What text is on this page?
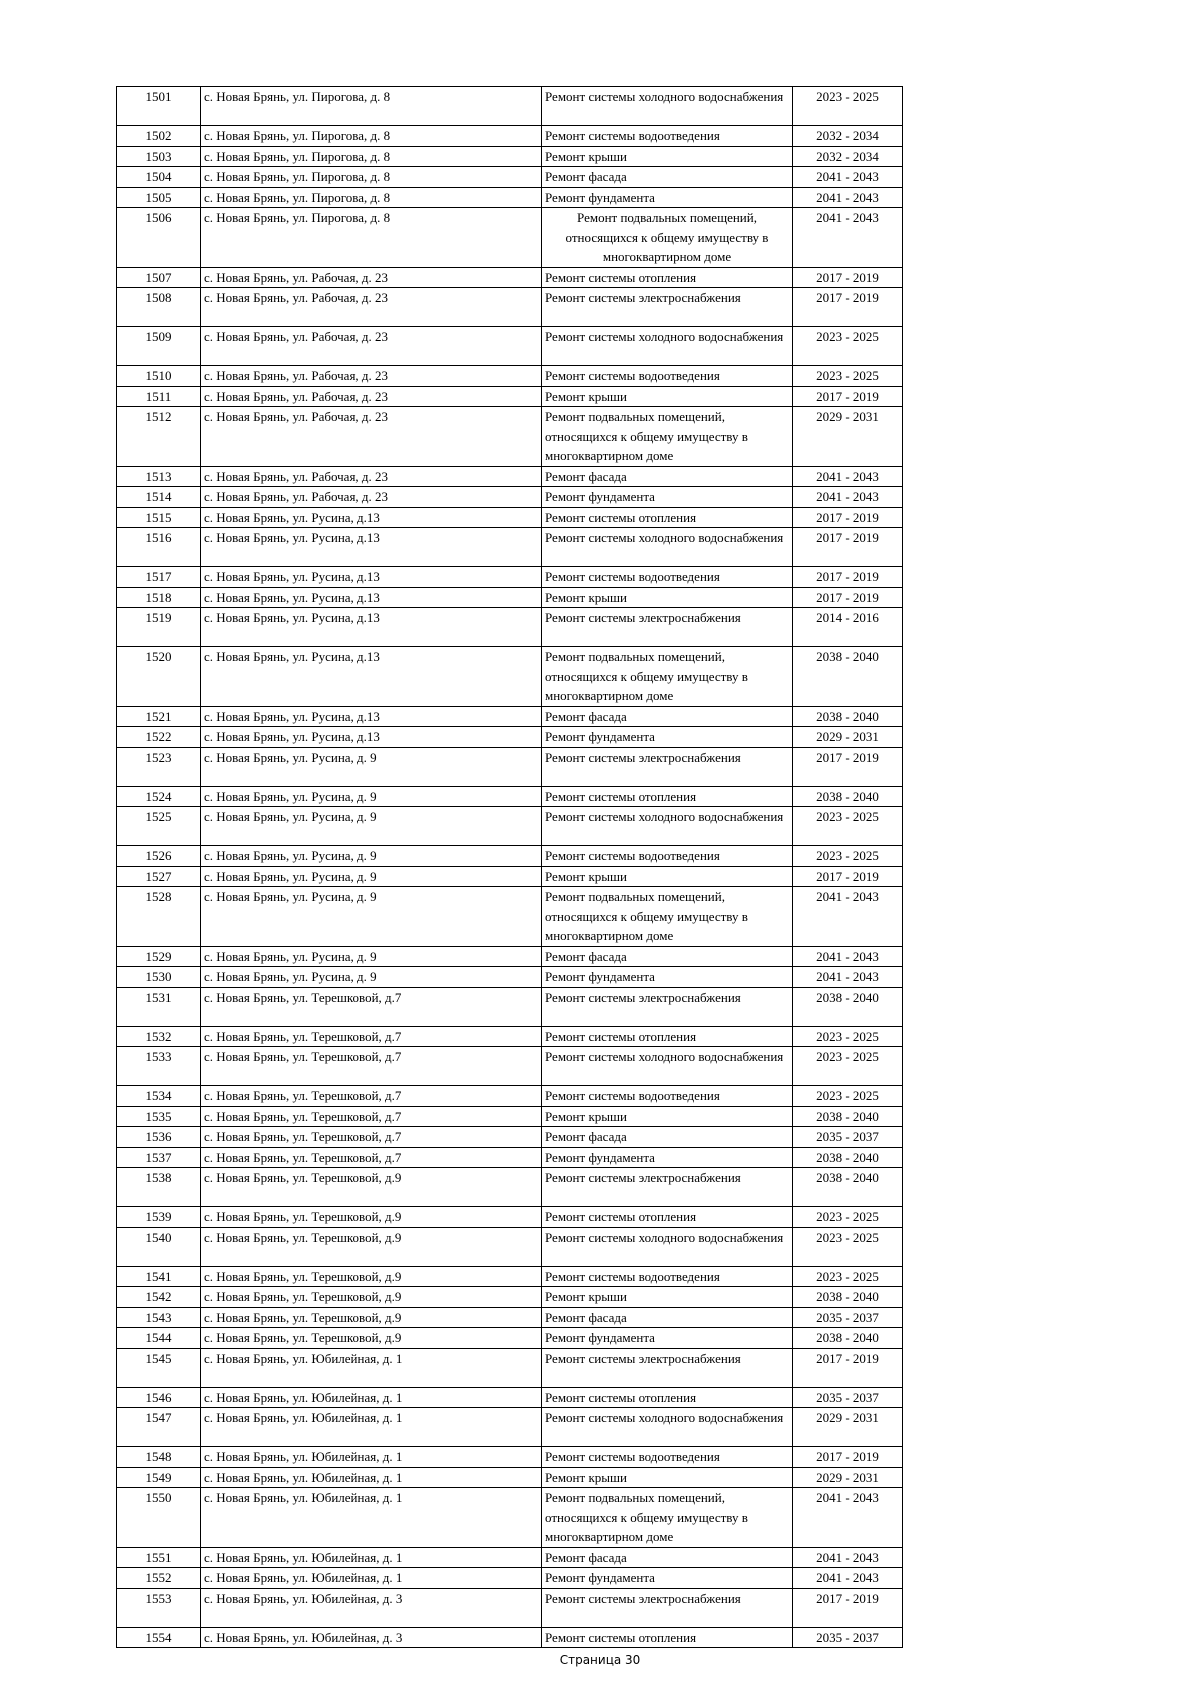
1501	с. Новая Брянь, ул. Пирогова, д. 8	Ремонт системы холодного водоснабжения	2023 - 2025
1502	с. Новая Брянь, ул. Пирогова, д. 8	Ремонт системы водоотведения	2032 - 2034
1503	с. Новая Брянь, ул. Пирогова, д. 8	Ремонт крыши	2032 - 2034
1504	с. Новая Брянь, ул. Пирогова, д. 8	Ремонт фасада	2041 - 2043
1505	с. Новая Брянь, ул. Пирогова, д. 8	Ремонт фундамента	2041 - 2043
1506	с. Новая Брянь, ул. Пирогова, д. 8	Ремонт подвальных помещений, относящихся к общему имуществу в многоквартирном доме	2041 - 2043
1507	с. Новая Брянь, ул. Рабочая, д. 23	Ремонт системы отопления	2017 - 2019
1508	с. Новая Брянь, ул. Рабочая, д. 23	Ремонт системы электроснабжения	2017 - 2019
1509	с. Новая Брянь, ул. Рабочая, д. 23	Ремонт системы холодного водоснабжения	2023 - 2025
1510	с. Новая Брянь, ул. Рабочая, д. 23	Ремонт системы водоотведения	2023 - 2025
1511	с. Новая Брянь, ул. Рабочая, д. 23	Ремонт крыши	2017 - 2019
1512	с. Новая Брянь, ул. Рабочая, д. 23	Ремонт подвальных помещений, относящихся к общему имуществу в многоквартирном доме	2029 - 2031
1513	с. Новая Брянь, ул. Рабочая, д. 23	Ремонт фасада	2041 - 2043
1514	с. Новая Брянь, ул. Рабочая, д. 23	Ремонт фундамента	2041 - 2043
1515	с. Новая Брянь, ул. Русина, д.13	Ремонт системы отопления	2017 - 2019
1516	с. Новая Брянь, ул. Русина, д.13	Ремонт системы холодного водоснабжения	2017 - 2019
1517	с. Новая Брянь, ул. Русина, д.13	Ремонт системы водоотведения	2017 - 2019
1518	с. Новая Брянь, ул. Русина, д.13	Ремонт крыши	2017 - 2019
1519	с. Новая Брянь, ул. Русина, д.13	Ремонт системы электроснабжения	2014 - 2016
1520	с. Новая Брянь, ул. Русина, д.13	Ремонт подвальных помещений, относящихся к общему имуществу в многоквартирном доме	2038 - 2040
1521	с. Новая Брянь, ул. Русина, д.13	Ремонт фасада	2038 - 2040
1522	с. Новая Брянь, ул. Русина, д.13	Ремонт фундамента	2029 - 2031
1523	с. Новая Брянь, ул. Русина, д. 9	Ремонт системы электроснабжения	2017 - 2019
1524	с. Новая Брянь, ул. Русина, д. 9	Ремонт системы отопления	2038 - 2040
1525	с. Новая Брянь, ул. Русина, д. 9	Ремонт системы холодного водоснабжения	2023 - 2025
1526	с. Новая Брянь, ул. Русина, д. 9	Ремонт системы водоотведения	2023 - 2025
1527	с. Новая Брянь, ул. Русина, д. 9	Ремонт крыши	2017 - 2019
1528	с. Новая Брянь, ул. Русина, д. 9	Ремонт подвальных помещений, относящихся к общему имуществу в многоквартирном доме	2041 - 2043
1529	с. Новая Брянь, ул. Русина, д. 9	Ремонт фасада	2041 - 2043
1530	с. Новая Брянь, ул. Русина, д. 9	Ремонт фундамента	2041 - 2043
1531	с. Новая Брянь, ул. Терешковой, д.7	Ремонт системы электроснабжения	2038 - 2040
1532	с. Новая Брянь, ул. Терешковой, д.7	Ремонт системы отопления	2023 - 2025
1533	с. Новая Брянь, ул. Терешковой, д.7	Ремонт системы холодного водоснабжения	2023 - 2025
1534	с. Новая Брянь, ул. Терешковой, д.7	Ремонт системы водоотведения	2023 - 2025
1535	с. Новая Брянь, ул. Терешковой, д.7	Ремонт крыши	2038 - 2040
1536	с. Новая Брянь, ул. Терешковой, д.7	Ремонт фасада	2035 - 2037
1537	с. Новая Брянь, ул. Терешковой, д.7	Ремонт фундамента	2038 - 2040
1538	с. Новая Брянь, ул. Терешковой, д.9	Ремонт системы электроснабжения	2038 - 2040
1539	с. Новая Брянь, ул. Терешковой, д.9	Ремонт системы отопления	2023 - 2025
1540	с. Новая Брянь, ул. Терешковой, д.9	Ремонт системы холодного водоснабжения	2023 - 2025
1541	с. Новая Брянь, ул. Терешковой, д.9	Ремонт системы водоотведения	2023 - 2025
1542	с. Новая Брянь, ул. Терешковой, д.9	Ремонт крыши	2038 - 2040
1543	с. Новая Брянь, ул. Терешковой, д.9	Ремонт фасада	2035 - 2037
1544	с. Новая Брянь, ул. Терешковой, д.9	Ремонт фундамента	2038 - 2040
1545	с. Новая Брянь, ул. Юбилейная, д. 1	Ремонт системы электроснабжения	2017 - 2019
1546	с. Новая Брянь, ул. Юбилейная, д. 1	Ремонт системы отопления	2035 - 2037
1547	с. Новая Брянь, ул. Юбилейная, д. 1	Ремонт системы холодного водоснабжения	2029 - 2031
1548	с. Новая Брянь, ул. Юбилейная, д. 1	Ремонт системы водоотведения	2017 - 2019
1549	с. Новая Брянь, ул. Юбилейная, д. 1	Ремонт крыши	2029 - 2031
1550	с. Новая Брянь, ул. Юбилейная, д. 1	Ремонт подвальных помещений, относящихся к общему имуществу в многоквартирном доме	2041 - 2043
1551	с. Новая Брянь, ул. Юбилейная, д. 1	Ремонт фасада	2041 - 2043
1552	с. Новая Брянь, ул. Юбилейная, д. 1	Ремонт фундамента	2041 - 2043
1553	с. Новая Брянь, ул. Юбилейная, д. 3	Ремонт системы электроснабжения	2017 - 2019
1554	с. Новая Брянь, ул. Юбилейная, д. 3	Ремонт системы отопления	2035 - 2037
Страница 30
